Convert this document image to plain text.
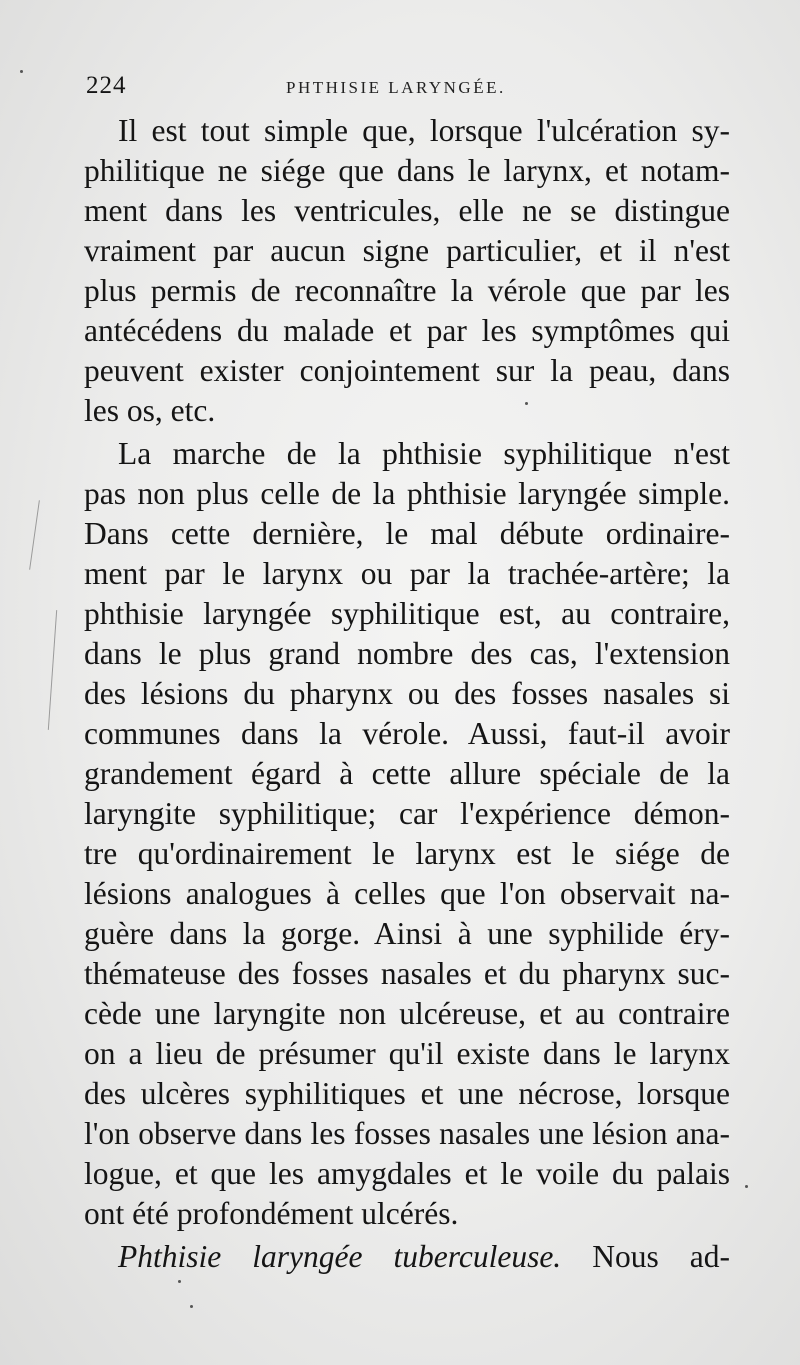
224	PHTHISIE LARYNGÉE.
Il est tout simple que, lorsque l'ulcération sy-
philitique ne siége que dans le larynx, et notam-
ment dans les ventricules, elle ne se distingue
vraiment par aucun signe particulier, et il n'est
plus permis de reconnaître la vérole que par les
antécédens du malade et par les symptômes qui
peuvent exister conjointement sur la peau, dans
les os, etc.
La marche de la phthisie syphilitique n'est
pas non plus celle de la phthisie laryngée simple.
Dans cette dernière, le mal débute ordinaire-
ment par le larynx ou par la trachée-artère; la
phthisie laryngée syphilitique est, au contraire,
dans le plus grand nombre des cas, l'extension
des lésions du pharynx ou des fosses nasales si
communes dans la vérole. Aussi, faut-il avoir
grandement égard à cette allure spéciale de la
laryngite syphilitique; car l'expérience démon-
tre qu'ordinairement le larynx est le siége de
lésions analogues à celles que l'on observait na-
guère dans la gorge. Ainsi à une syphilide éry-
thémateuse des fosses nasales et du pharynx suc-
cède une laryngite non ulcéreuse, et au contraire
on a lieu de présumer qu'il existe dans le larynx
des ulcères syphilitiques et une nécrose, lorsque
l'on observe dans les fosses nasales une lésion ana-
logue, et que les amygdales et le voile du palais
ont été profondément ulcérés.
Phthisie laryngée tuberculeuse. Nous ad-
